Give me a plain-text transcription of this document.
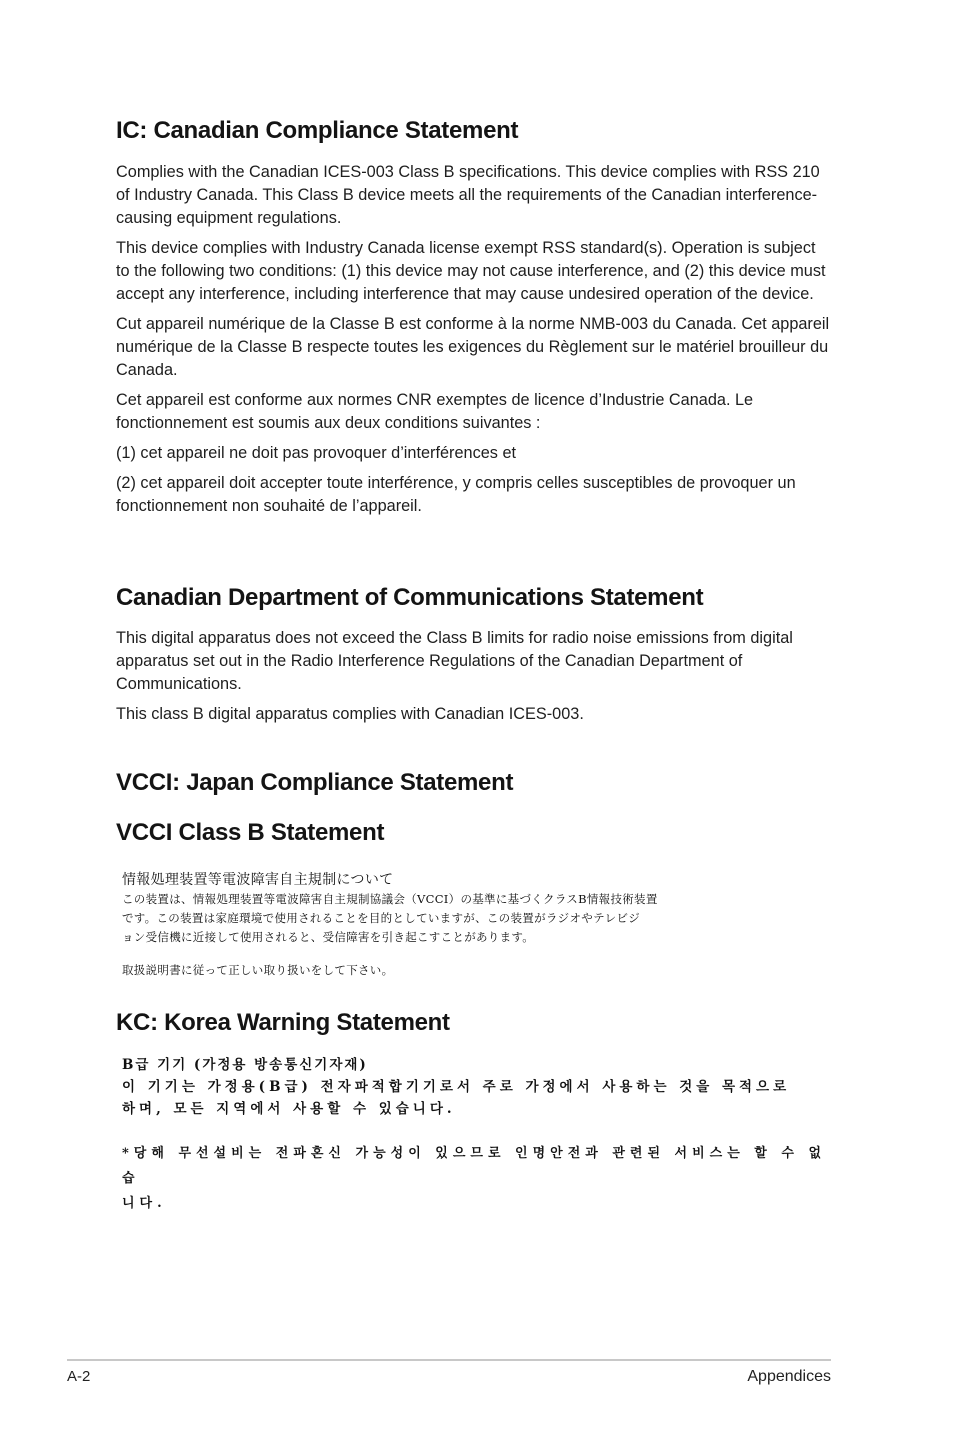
IC: Canadian Compliance Statement

Complies with the Canadian ICES-003 Class B specifications. This device complies with RSS 210 of Industry Canada. This Class B device meets all the requirements of the Canadian interference-causing equipment regulations.

This device complies with Industry Canada license exempt RSS standard(s). Operation is subject to the following two conditions: (1) this device may not cause interference, and (2) this device must accept any interference, including interference that may cause undesired operation of the device.

Cut appareil numérique de la Classe B est conforme à la norme NMB-003 du Canada. Cet appareil numérique de la Classe B respecte toutes les exigences du Règlement sur le matériel brouilleur du Canada.

Cet appareil est conforme aux normes CNR exemptes de licence d’Industrie Canada. Le fonctionnement est soumis aux deux conditions suivantes :

(1) cet appareil ne doit pas provoquer d’interférences et

(2) cet appareil doit accepter toute interférence, y compris celles susceptibles de provoquer un fonctionnement non souhaité de l’appareil.

Canadian Department of Communications Statement

This digital apparatus does not exceed the Class B limits for radio noise emissions from digital apparatus set out in the Radio Interference Regulations of the Canadian Department of Communications.

This class B digital apparatus complies with Canadian ICES-003.

VCCI: Japan Compliance Statement
VCCI Class B Statement
情報処理装置等電波障害自主規制について
この装置は、情報処理装置等電波障害自主規制協議会（VCCI）の基準に基づくクラスB情報技術装置
です。この装置は家庭環境で使用されることを目的としていますが、この装置がラジオやテレビジ
ョン受信機に近接して使用されると、受信障害を引き起こすことがあります。
取扱説明書に従って正しい取り扱いをして下さい。
KC: Korea Warning Statement
B급 기기 (가정용 방송통신기자재)
이 기기는 가정용(B급) 전자파적합기기로서 주로 가정에서 사용하는 것을 목적으로
하며, 모든 지역에서 사용할 수 있습니다.
*당해 무선설비는 전파혼신 가능성이 있으므로 인명안전과 관련된 서비스는 할 수 없습
니다.
A-2	Appendices
